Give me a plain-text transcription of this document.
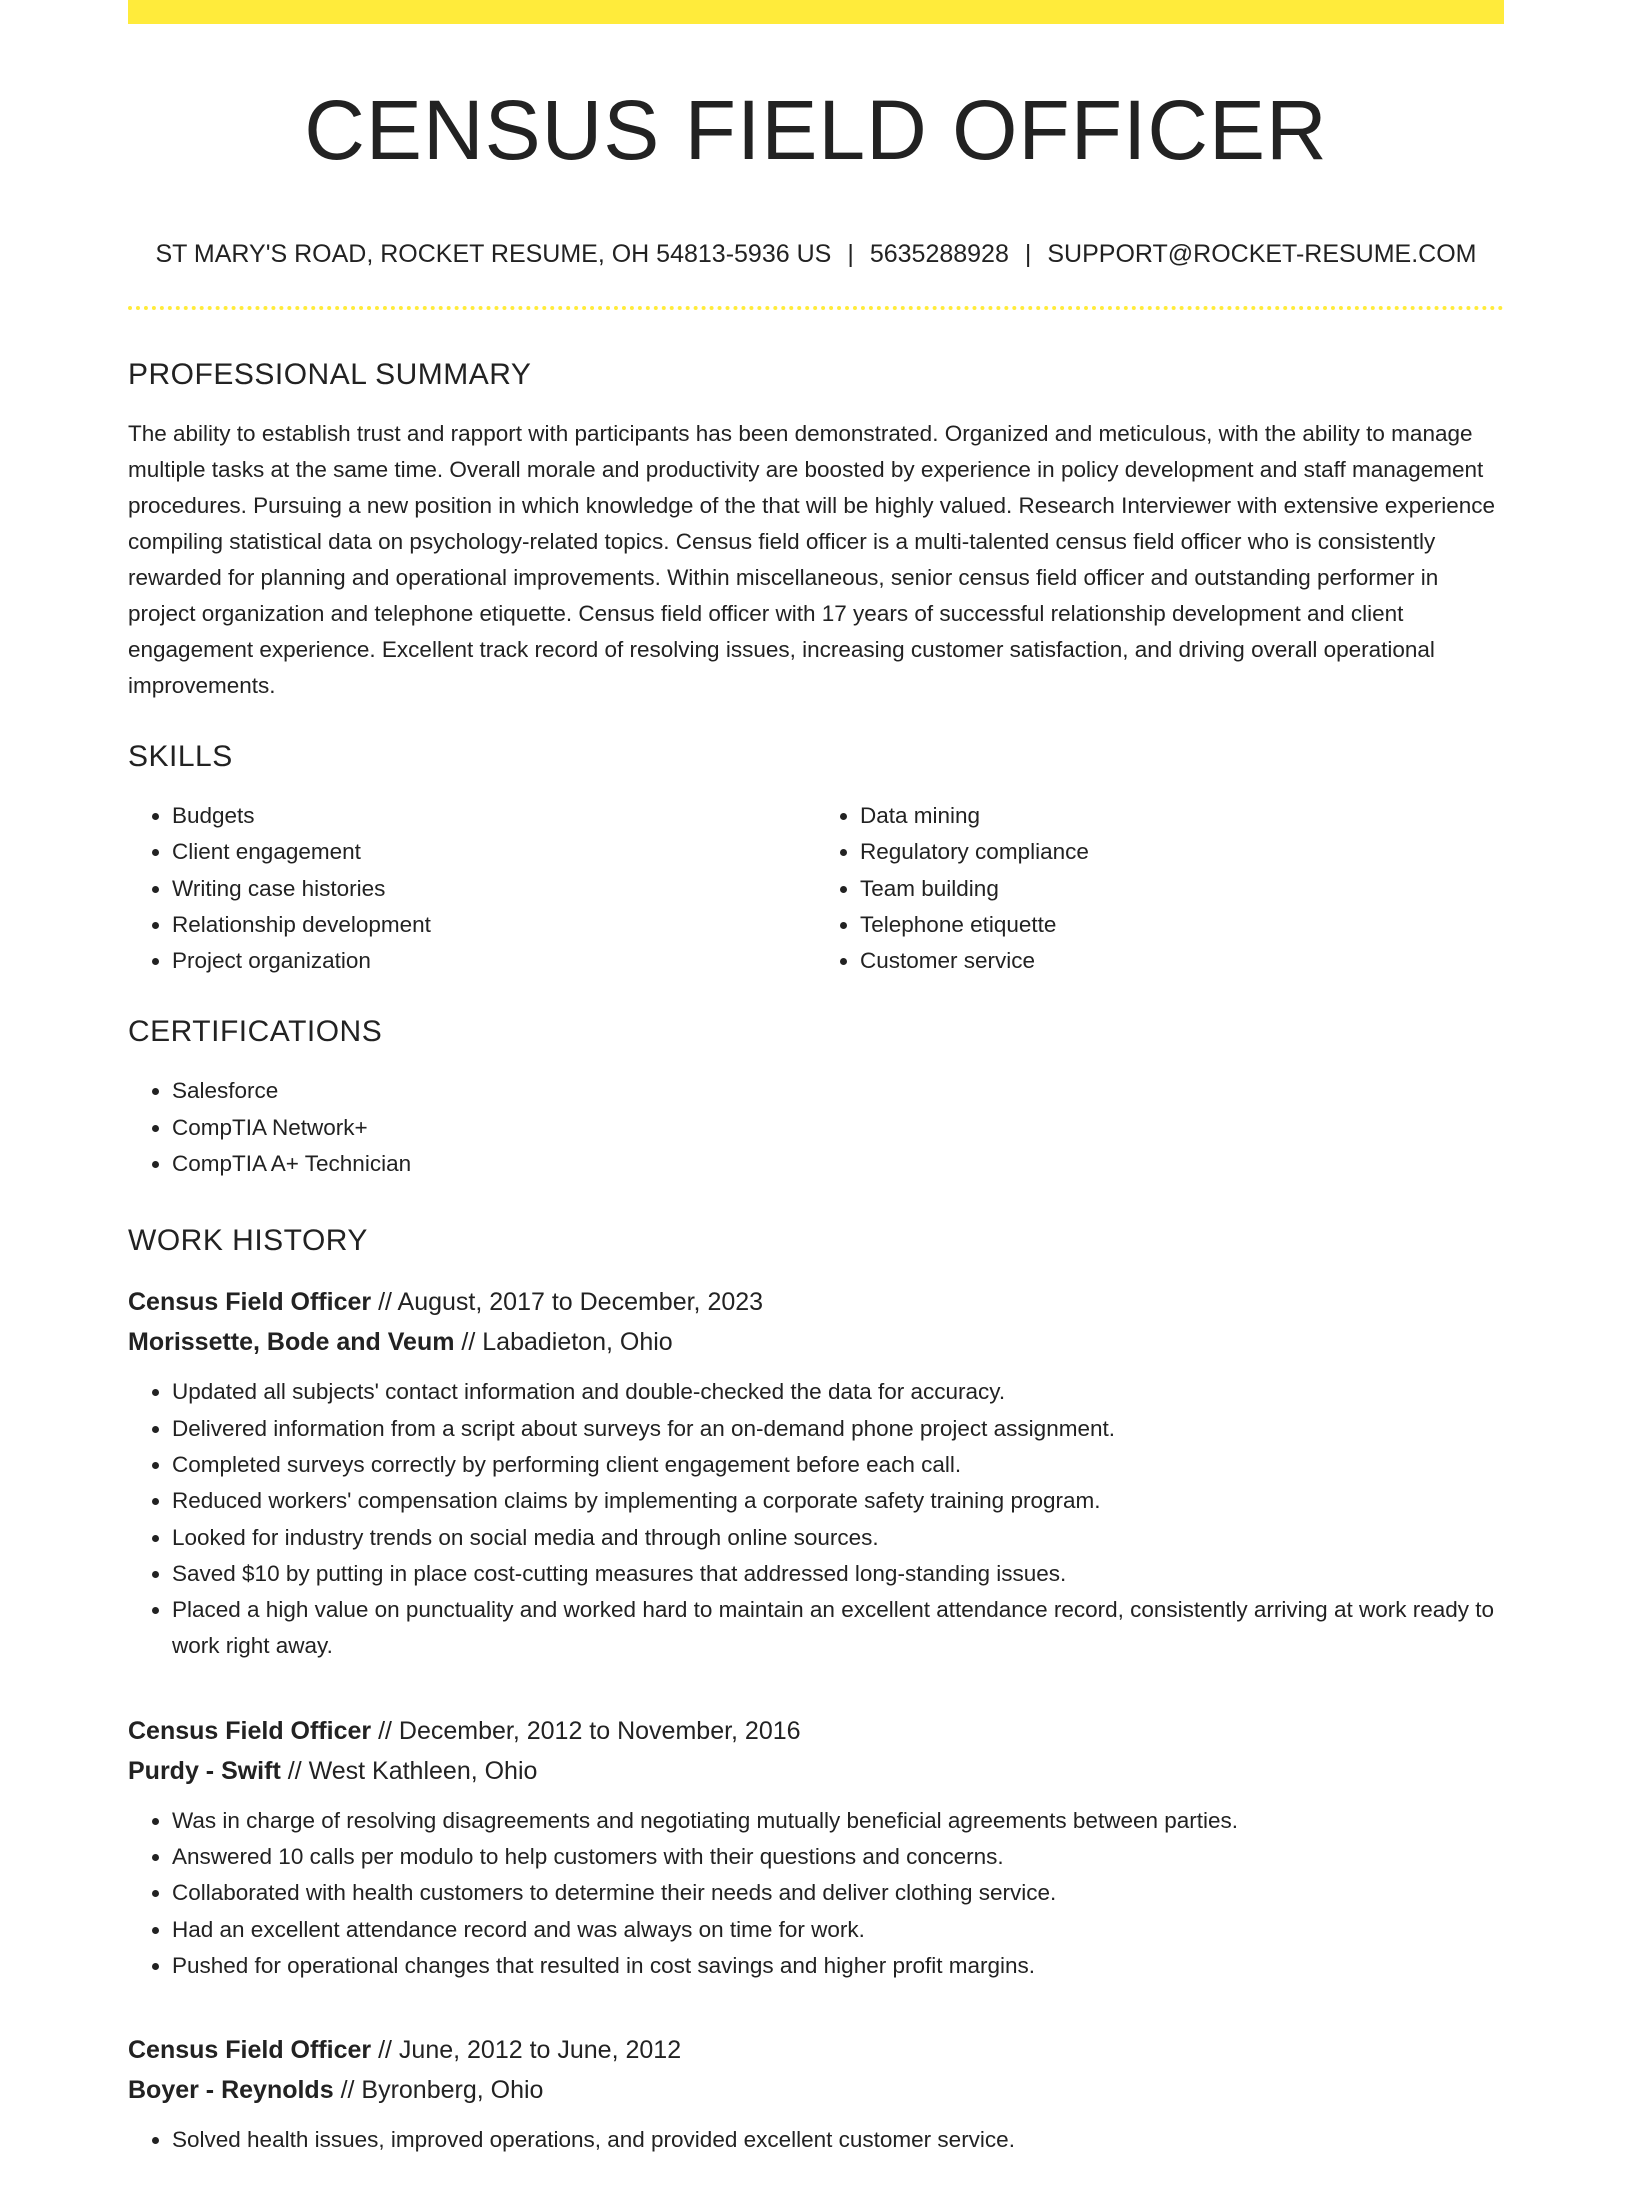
CENSUS FIELD OFFICER
ST MARY'S ROAD, ROCKET RESUME, OH 54813-5936 US | 5635288928 | SUPPORT@ROCKET-RESUME.COM
PROFESSIONAL SUMMARY

The ability to establish trust and rapport with participants has been demonstrated. Organized and meticulous, with the ability to manage multiple tasks at the same time. Overall morale and productivity are boosted by experience in policy development and staff management procedures. Pursuing a new position in which knowledge of the that will be highly valued. Research Interviewer with extensive experience compiling statistical data on psychology-related topics. Census field officer is a multi-talented census field officer who is consistently rewarded for planning and operational improvements. Within miscellaneous, senior census field officer and outstanding performer in project organization and telephone etiquette. Census field officer with 17 years of successful relationship development and client engagement experience. Excellent track record of resolving issues, increasing customer satisfaction, and driving overall operational improvements.

SKILLS
• Budgets
• Client engagement
• Writing case histories
• Relationship development
• Project organization
• Data mining
• Regulatory compliance
• Team building
• Telephone etiquette
• Customer service
CERTIFICATIONS
• Salesforce
• CompTIA Network+
• CompTIA A+ Technician
WORK HISTORY

Census Field Officer // August, 2017 to December, 2023

Morissette, Bode and Veum // Labadieton, Ohio

• Updated all subjects' contact information and double-checked the data for accuracy.
• Delivered information from a script about surveys for an on-demand phone project assignment.
• Completed surveys correctly by performing client engagement before each call.
• Reduced workers' compensation claims by implementing a corporate safety training program.
• Looked for industry trends on social media and through online sources.
• Saved $10 by putting in place cost-cutting measures that addressed long-standing issues.
• Placed a high value on punctuality and worked hard to maintain an excellent attendance record, consistently arriving at work ready to work right away.

Census Field Officer // December, 2012 to November, 2016

Purdy - Swift // West Kathleen, Ohio

• Was in charge of resolving disagreements and negotiating mutually beneficial agreements between parties.
• Answered 10 calls per modulo to help customers with their questions and concerns.
• Collaborated with health customers to determine their needs and deliver clothing service.
• Had an excellent attendance record and was always on time for work.
• Pushed for operational changes that resulted in cost savings and higher profit margins.

Census Field Officer // June, 2012 to June, 2012

Boyer - Reynolds // Byronberg, Ohio

• Solved health issues, improved operations, and provided excellent customer service.
